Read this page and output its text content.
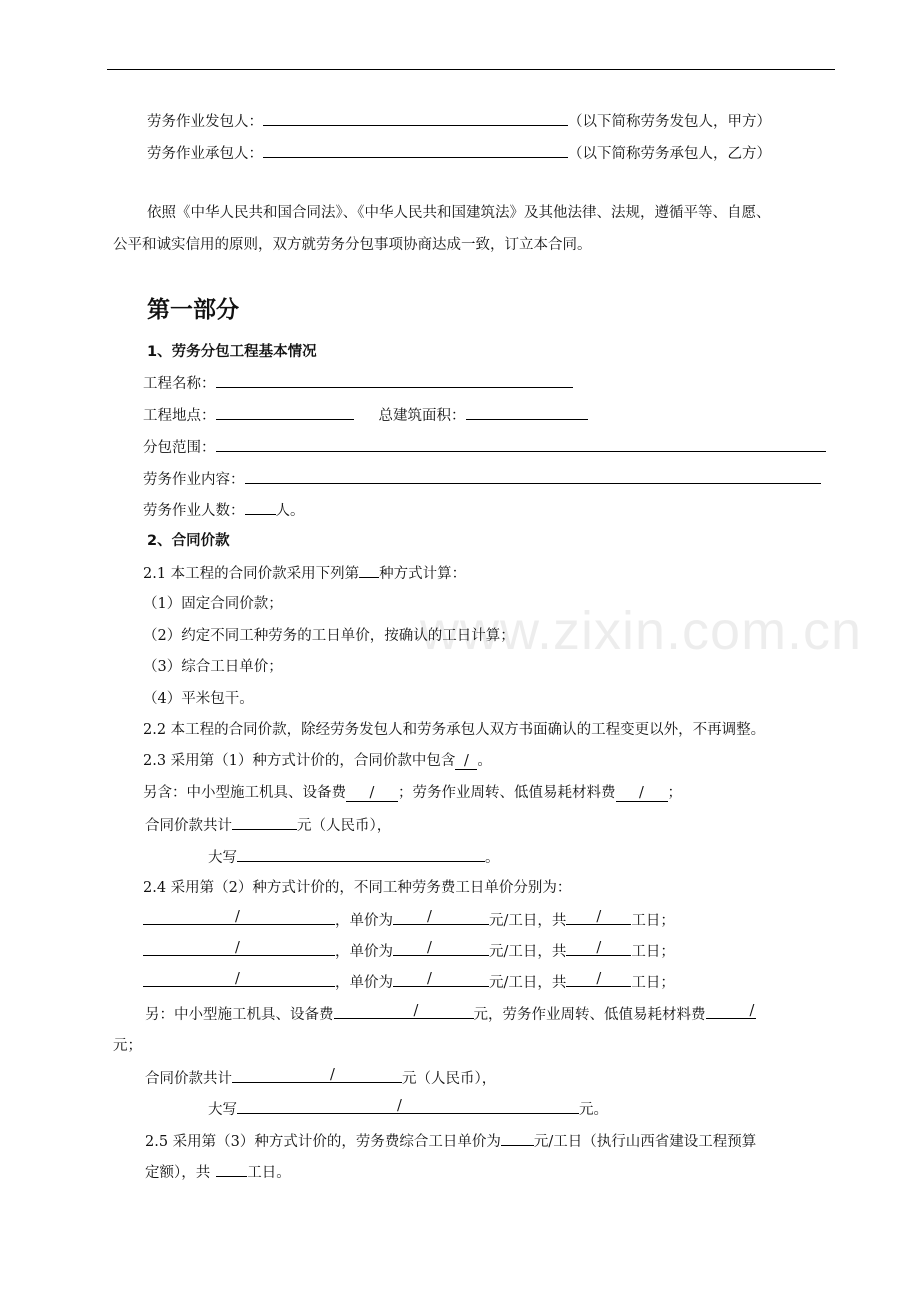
www.zixin.com.cn
劳务作业发包人：	（以下简称劳务发包人，甲方）
劳务作业承包人：	（以下简称劳务承包人，乙方）
依照《中华人民共和国合同法》、《中华人民共和国建筑法》及其他法律、法规，遵循平等、自愿、
公平和诚实信用的原则，双方就劳务分包事项协商达成一致，订立本合同。
第一部分
1、劳务分包工程基本情况
工程名称：
工程地点：	总建筑面积：
分包范围：
劳务作业内容：
劳务作业人数： 人。
2、合同价款
2.1 本工程的合同价款采用下列第 种方式计算：
（1）固定合同价款；
（2）约定不同工种劳务的工日单价，按确认的工日计算；
（3）综合工日单价；
（4）平米包干。
2.2 本工程的合同价款，除经劳务发包人和劳务承包人双方书面确认的工程变更以外，不再调整。
2.3 采用第（1）种方式计价的，合同价款中包含 / 。
另含：中小型施工机具、设备费 / ；劳务作业周转、低值易耗材料费 / ；
合同价款共计	元（人民币），
大写	。
2.4 采用第（2）种方式计价的，不同工种劳务费工日单价分别为：
/	，单价为 /	元/工日，共 / 工日；
/	，单价为 /	元/工日，共 / 工日；
/	，单价为 /	元/工日，共 / 工日；
另：中小型施工机具、设备费	/	元，劳务作业周转、低值易耗材料费	/
元；
合同价款共计	/	元（人民币），
大写	/	元。
2.5 采用第（3）种方式计价的，劳务费综合工日单价为 元/工日（执行山西省建设工程预算
定额），共	工日。
